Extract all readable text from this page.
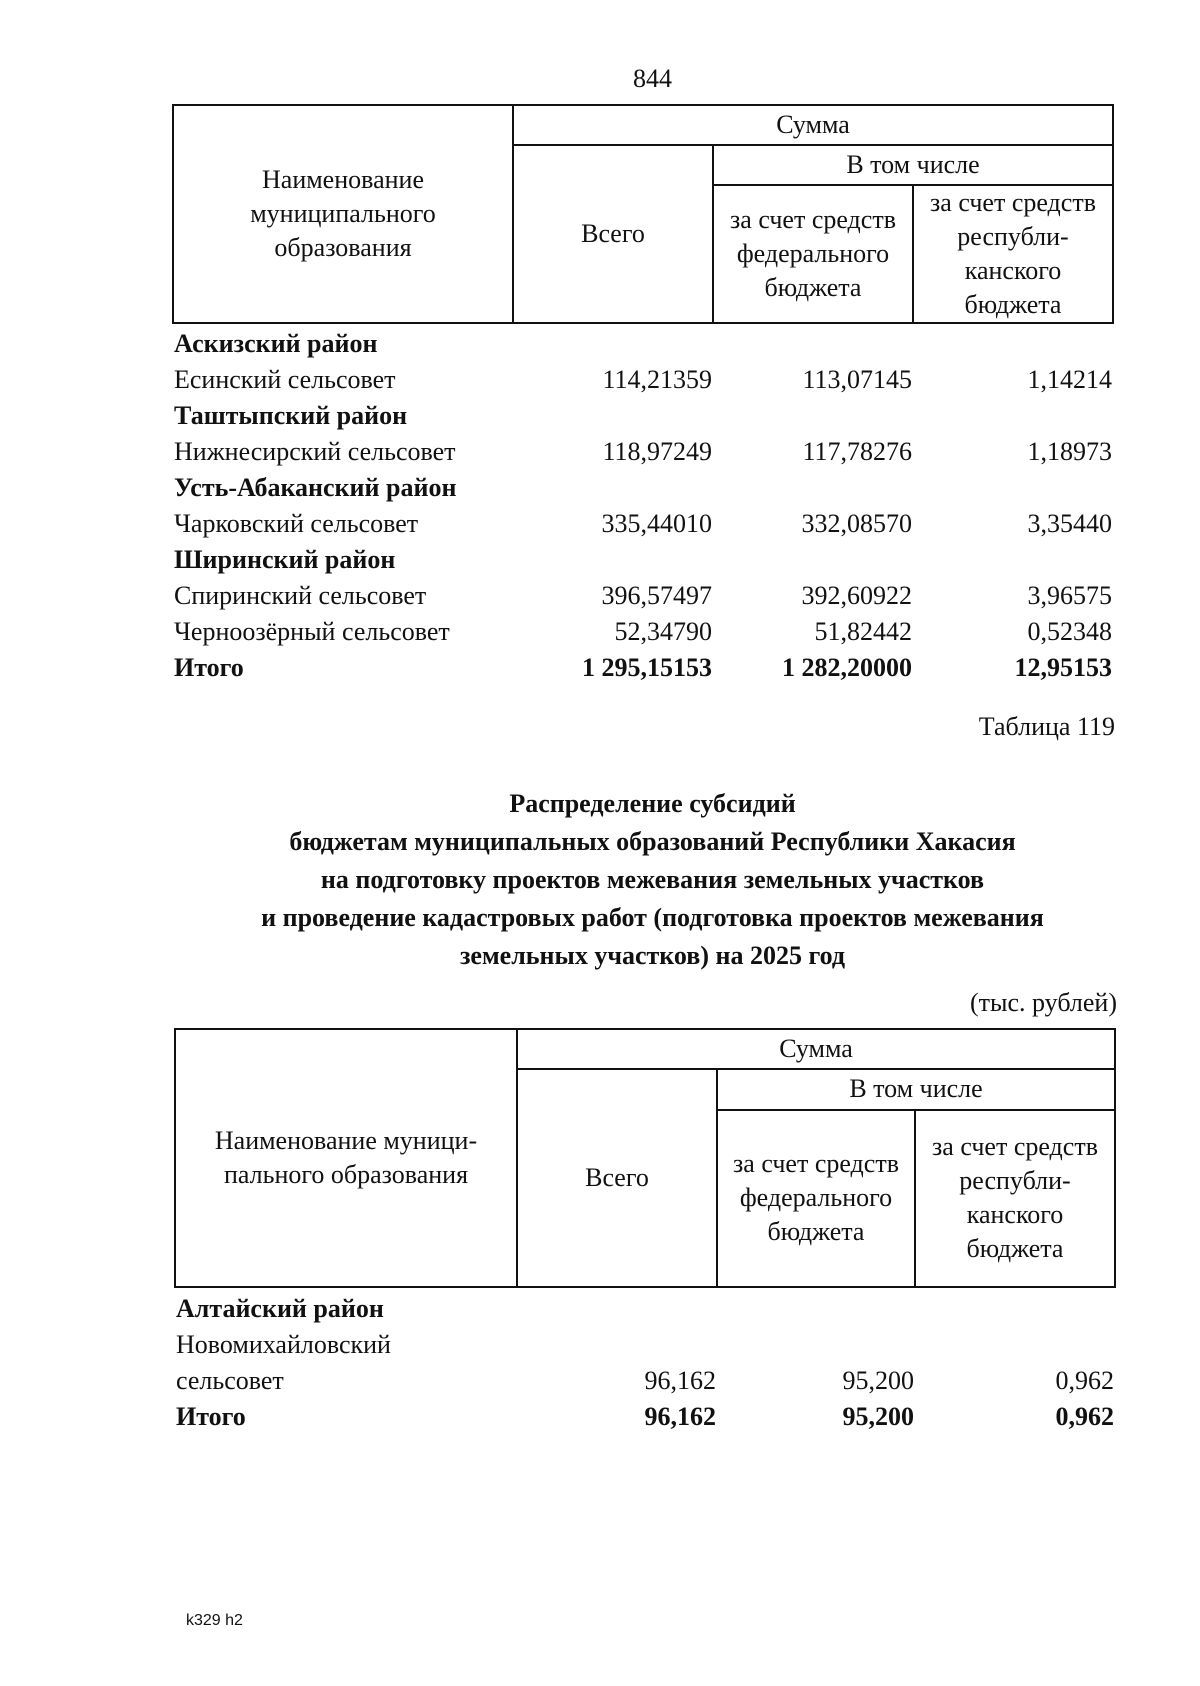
844
Наименование муниципального образования	Сумма		
	Всего	В том числе	
		за счет средств федерального бюджета	за счет средств республи-канского бюджета
Аскизский район			
Есинский сельсовет	114,21359	113,07145	1,14214
Таштыпский район			
Нижнесирский сельсовет	118,97249	117,78276	1,18973
Усть-Абаканский район			
Чарковский сельсовет	335,44010	332,08570	3,35440
Ширинский район			
Спиринский сельсовет	396,57497	392,60922	3,96575
Черноозёрный сельсовет	52,34790	51,82442	0,52348
Итого	1 295,15153	1 282,20000	12,95153
Таблица 119
Распределение субсидий
бюджетам муниципальных образований Республики Хакасия
на подготовку проектов межевания земельных участков
и проведение кадастровых работ (подготовка проектов межевания
земельных участков) на 2025 год
(тыс. рублей)
Наименование муници-пального образования	Сумма		
	Всего	В том числе	
		за счет средств федерального бюджета	за счет средств республи-канского бюджета
Алтайский район			
Новомихайловский сельсовет	96,162	95,200	0,962
Итого	96,162	95,200	0,962
k329 h2
